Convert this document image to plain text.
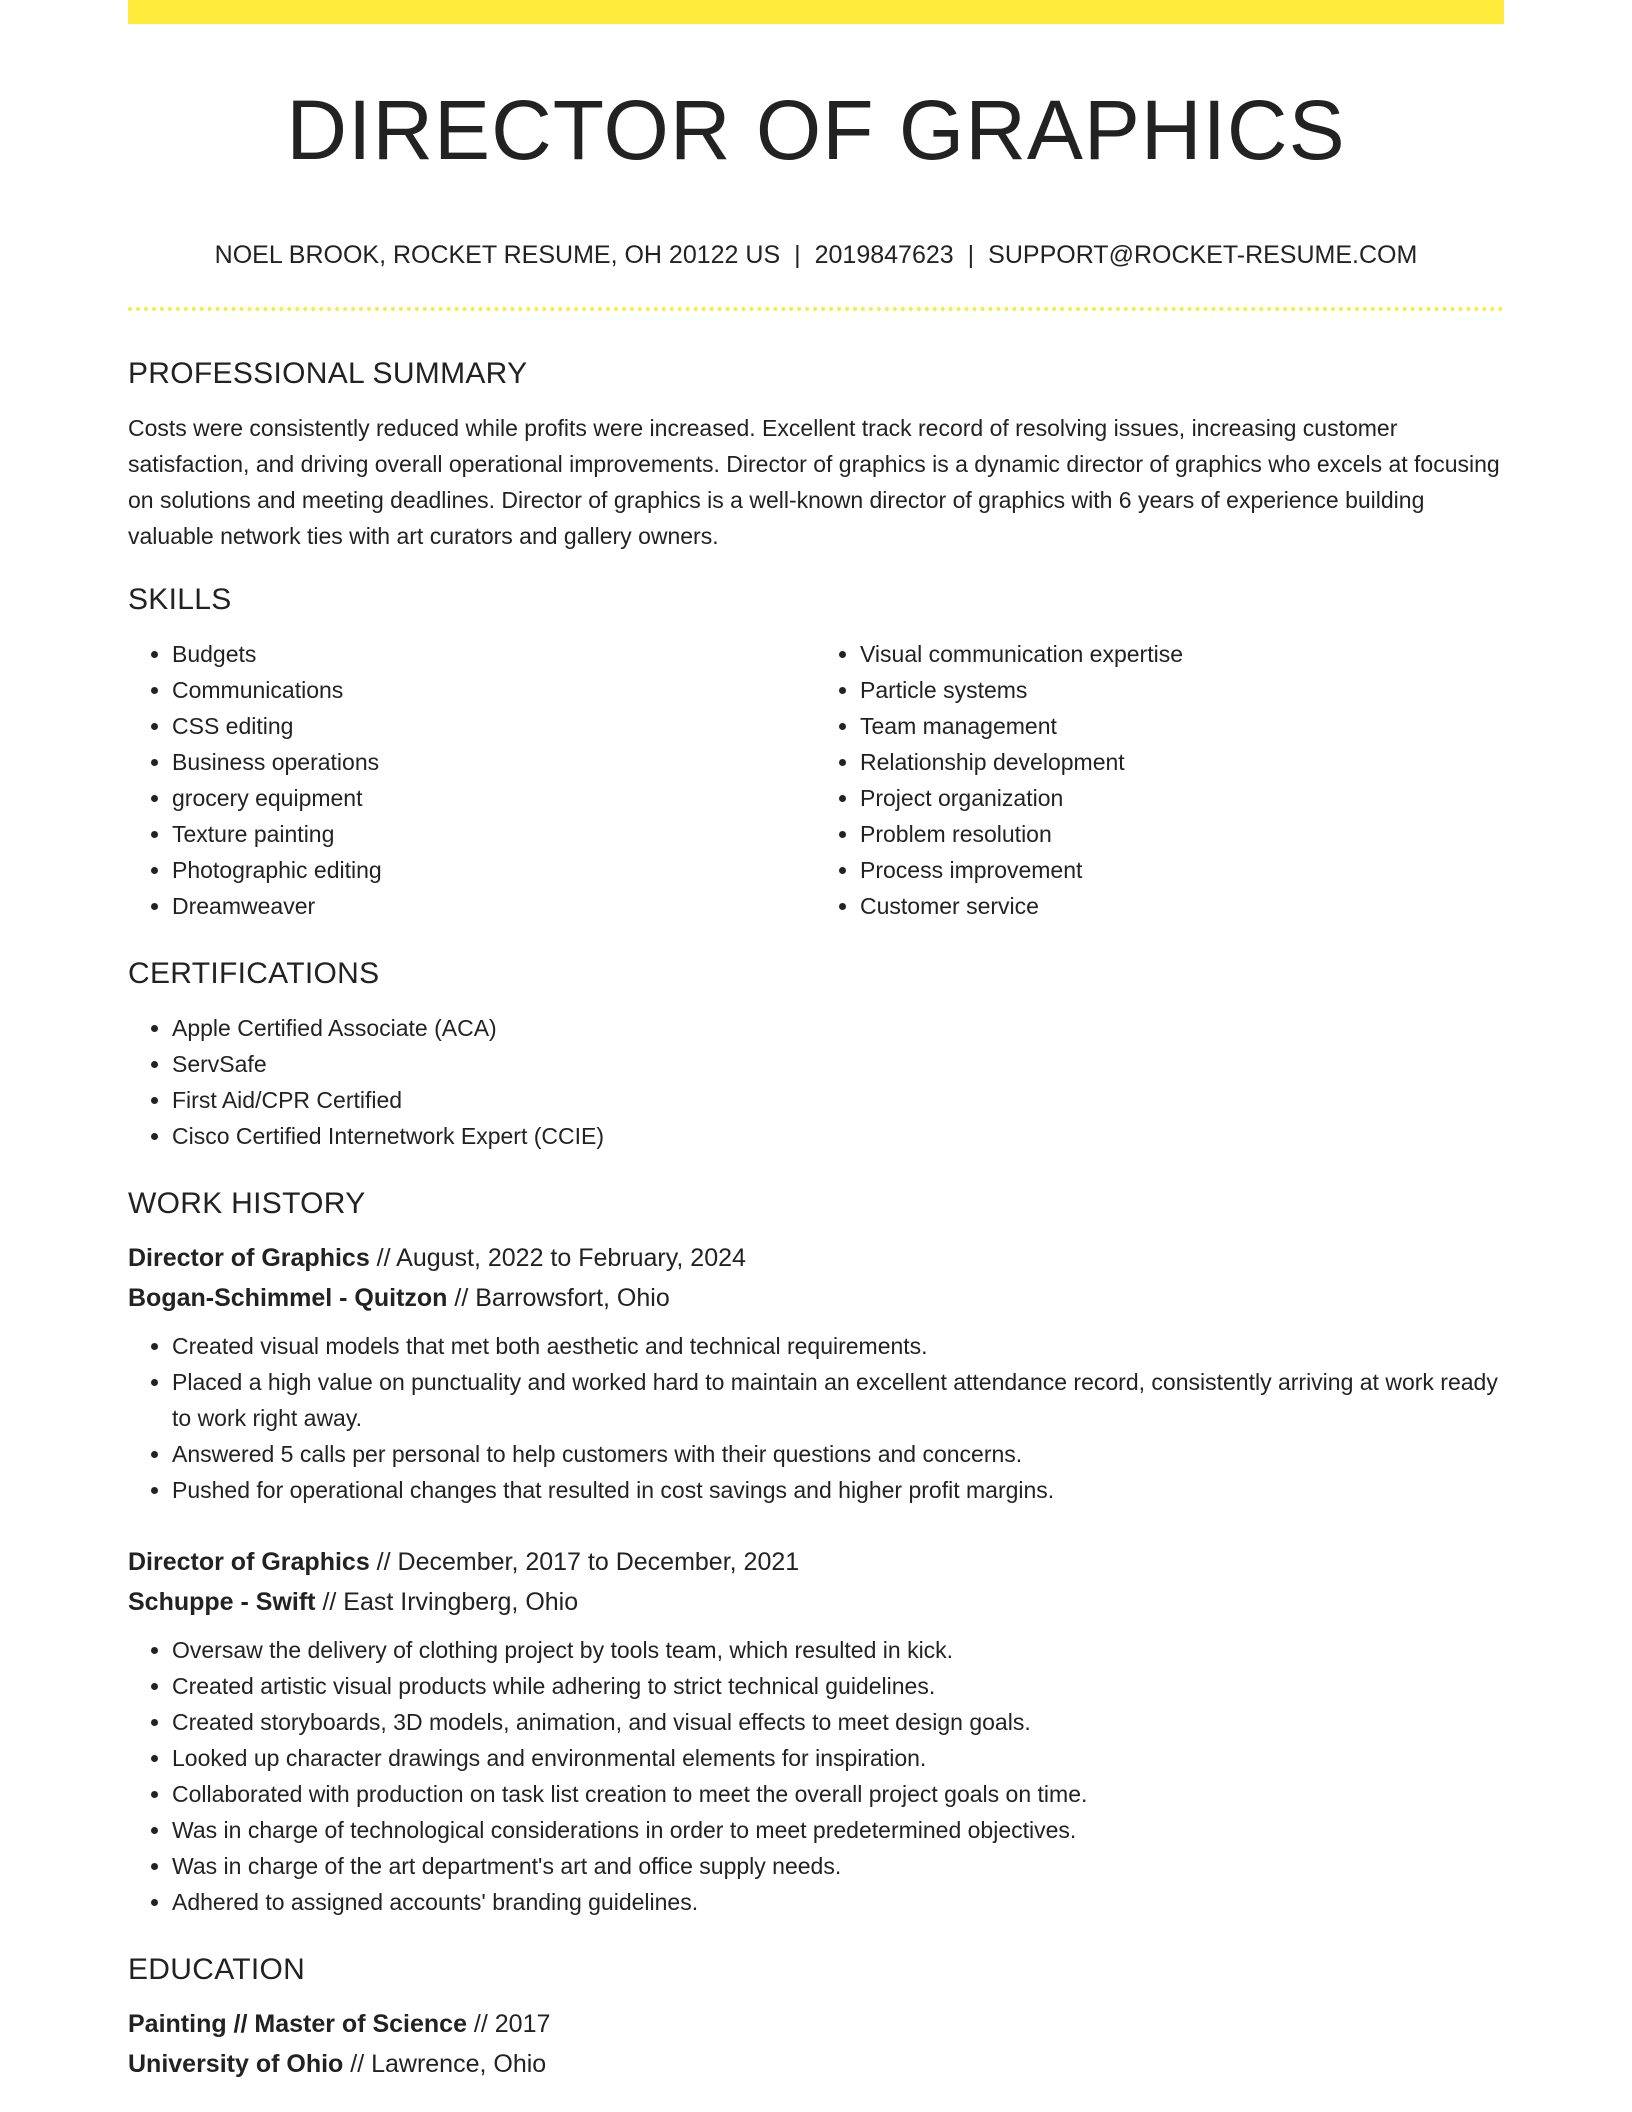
DIRECTOR OF GRAPHICS
NOEL BROOK, ROCKET RESUME, OH 20122 US | 2019847623 | SUPPORT@ROCKET-RESUME.COM
PROFESSIONAL SUMMARY

Costs were consistently reduced while profits were increased. Excellent track record of resolving issues, increasing customer satisfaction, and driving overall operational improvements. Director of graphics is a dynamic director of graphics who excels at focusing on solutions and meeting deadlines. Director of graphics is a well-known director of graphics with 6 years of experience building valuable network ties with art curators and gallery owners.

SKILLS
• Budgets
• Communications
• CSS editing
• Business operations
• grocery equipment
• Texture painting
• Photographic editing
• Dreamweaver
• Visual communication expertise
• Particle systems
• Team management
• Relationship development
• Project organization
• Problem resolution
• Process improvement
• Customer service
CERTIFICATIONS
• Apple Certified Associate (ACA)
• ServSafe
• First Aid/CPR Certified
• Cisco Certified Internetwork Expert (CCIE)
WORK HISTORY
Director of Graphics // August, 2022 to February, 2024
Bogan-Schimmel - Quitzon // Barrowsfort, Ohio
• Created visual models that met both aesthetic and technical requirements.
• Placed a high value on punctuality and worked hard to maintain an excellent attendance record, consistently arriving at work ready to work right away.
• Answered 5 calls per personal to help customers with their questions and concerns.
• Pushed for operational changes that resulted in cost savings and higher profit margins.
Director of Graphics // December, 2017 to December, 2021
Schuppe - Swift // East Irvingberg, Ohio
• Oversaw the delivery of clothing project by tools team, which resulted in kick.
• Created artistic visual products while adhering to strict technical guidelines.
• Created storyboards, 3D models, animation, and visual effects to meet design goals.
• Looked up character drawings and environmental elements for inspiration.
• Collaborated with production on task list creation to meet the overall project goals on time.
• Was in charge of technological considerations in order to meet predetermined objectives.
• Was in charge of the art department's art and office supply needs.
• Adhered to assigned accounts' branding guidelines.
EDUCATION
Painting // Master of Science // 2017
University of Ohio // Lawrence, Ohio
